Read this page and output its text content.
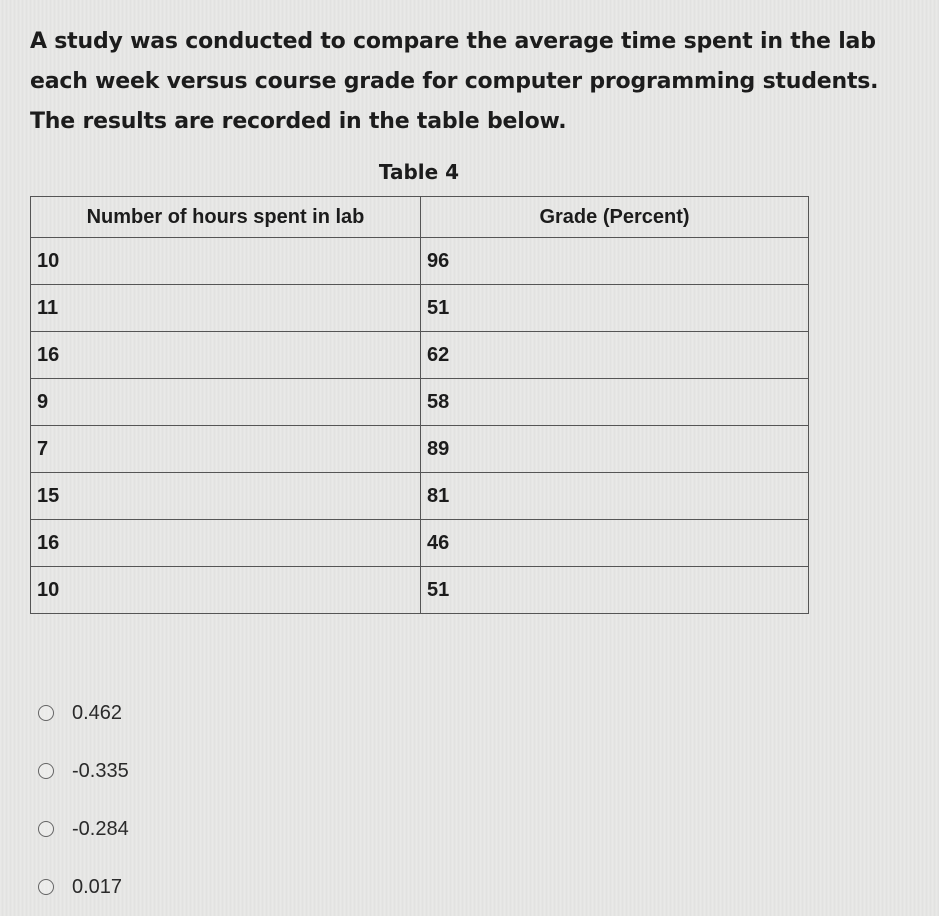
A study was conducted to compare the average time spent in the lab each week versus course grade for computer programming students. The results are recorded in the table below.
Table 4
Number of hours spent in lab	Grade (Percent)
10	96
11	51
16	62
9	58
7	89
15	81
16	46
10	51
0.462
-0.335
-0.284
0.017
